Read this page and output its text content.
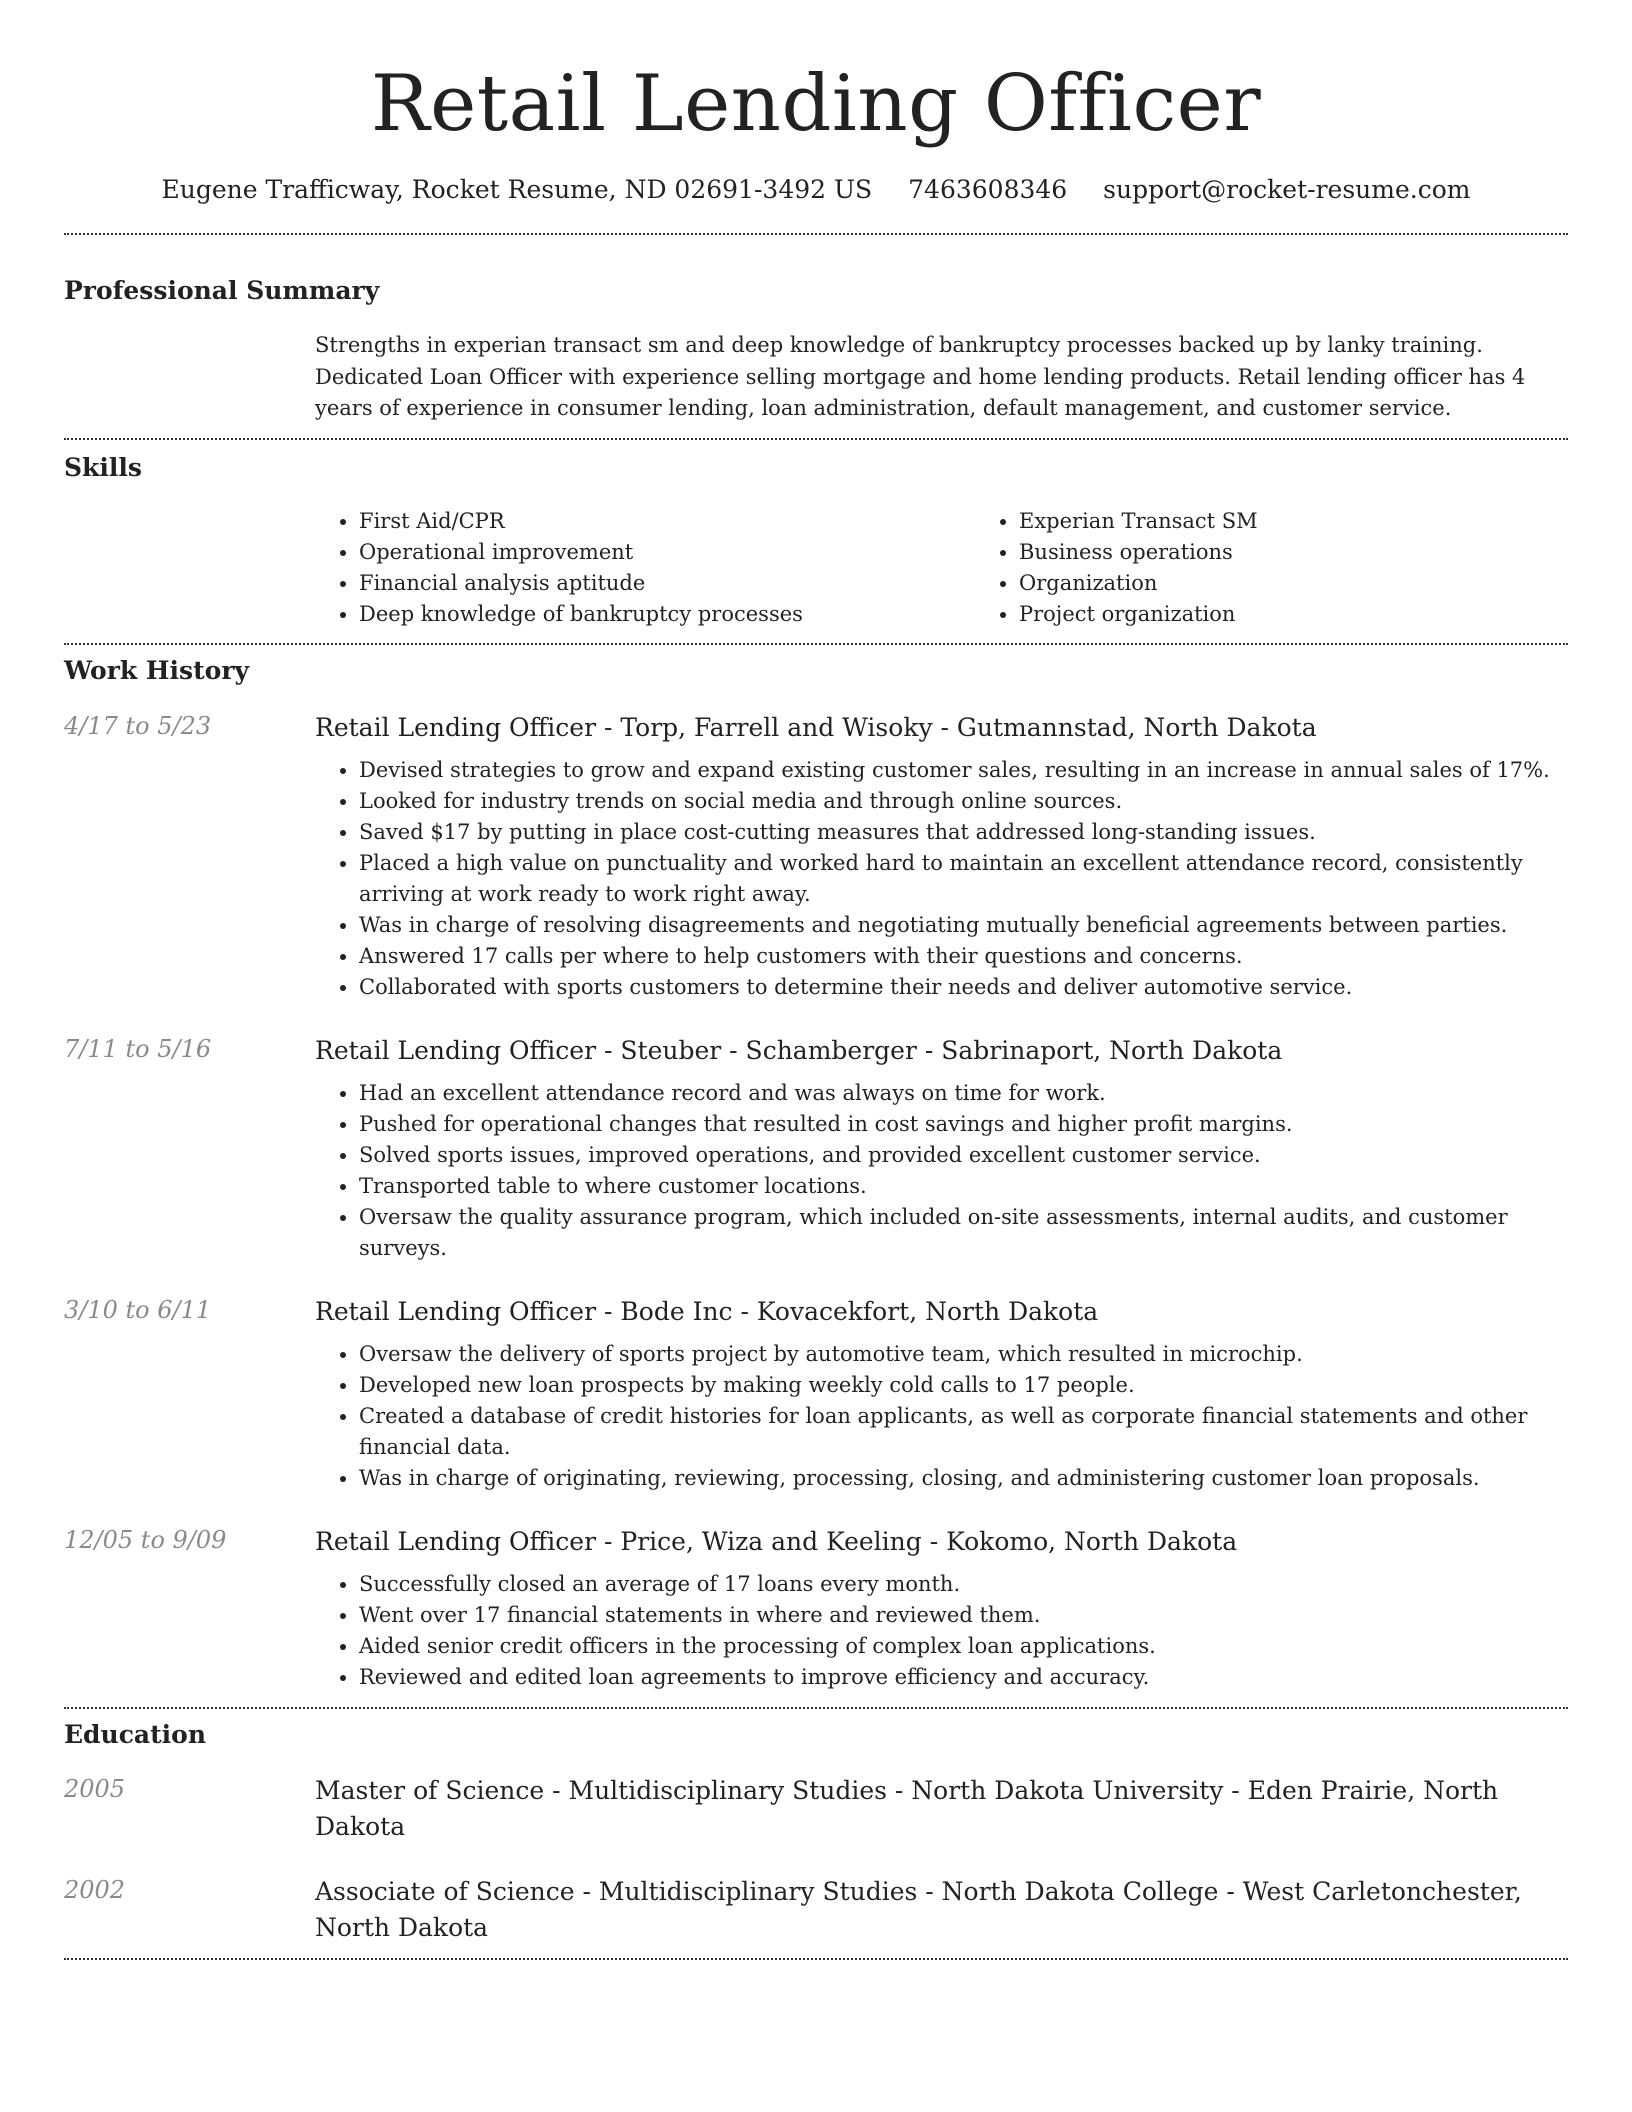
Retail Lending Officer
Eugene Trafficway, Rocket Resume, ND 02691-3492 US 7463608346 support@rocket-resume.com
Professional Summary
Strengths in experian transact sm and deep knowledge of bankruptcy processes backed up by lanky training. Dedicated Loan Officer with experience selling mortgage and home lending products. Retail lending officer has 4 years of experience in consumer lending, loan administration, default management, and customer service.
Skills
• First Aid/CPR
• Operational improvement
• Financial analysis aptitude
• Deep knowledge of bankruptcy processes
• Experian Transact SM
• Business operations
• Organization
• Project organization
Work History
4/17 to 5/23	Retail Lending Officer - Torp, Farrell and Wisoky - Gutmannstad, North Dakota
• Devised strategies to grow and expand existing customer sales, resulting in an increase in annual sales of 17%.
• Looked for industry trends on social media and through online sources.
• Saved $17 by putting in place cost-cutting measures that addressed long-standing issues.
• Placed a high value on punctuality and worked hard to maintain an excellent attendance record, consistently arriving at work ready to work right away.
• Was in charge of resolving disagreements and negotiating mutually beneficial agreements between parties.
• Answered 17 calls per where to help customers with their questions and concerns.
• Collaborated with sports customers to determine their needs and deliver automotive service.
7/11 to 5/16	Retail Lending Officer - Steuber - Schamberger - Sabrinaport, North Dakota
• Had an excellent attendance record and was always on time for work.
• Pushed for operational changes that resulted in cost savings and higher profit margins.
• Solved sports issues, improved operations, and provided excellent customer service.
• Transported table to where customer locations.
• Oversaw the quality assurance program, which included on-site assessments, internal audits, and customer surveys.
3/10 to 6/11	Retail Lending Officer - Bode Inc - Kovacekfort, North Dakota
• Oversaw the delivery of sports project by automotive team, which resulted in microchip.
• Developed new loan prospects by making weekly cold calls to 17 people.
• Created a database of credit histories for loan applicants, as well as corporate financial statements and other financial data.
• Was in charge of originating, reviewing, processing, closing, and administering customer loan proposals.
12/05 to 9/09	Retail Lending Officer - Price, Wiza and Keeling - Kokomo, North Dakota
• Successfully closed an average of 17 loans every month.
• Went over 17 financial statements in where and reviewed them.
• Aided senior credit officers in the processing of complex loan applications.
• Reviewed and edited loan agreements to improve efficiency and accuracy.
Education
2005	Master of Science - Multidisciplinary Studies - North Dakota University - Eden Prairie, North Dakota
2002	Associate of Science - Multidisciplinary Studies - North Dakota College - West Carletonchester, North Dakota
